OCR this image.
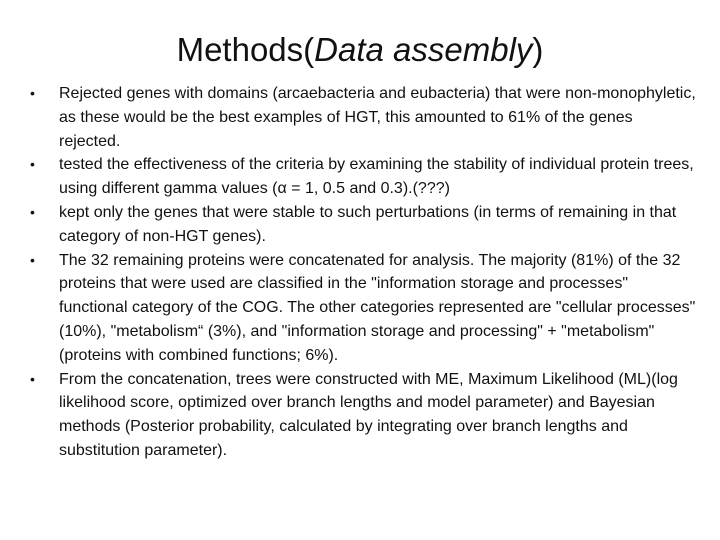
Methods(Data assembly)
• Rejected genes with domains (arcaebacteria and eubacteria) that were non-monophyletic, as these would be the best examples of HGT, this amounted to 61% of the genes rejected.
• tested the effectiveness of the criteria by examining the stability of individual protein trees, using different gamma values (α = 1, 0.5 and 0.3).(???)
• kept only the genes that were stable to such perturbations (in terms of remaining in that category of non-HGT genes).
• The 32 remaining proteins were concatenated for analysis. The majority (81%) of the 32 proteins that were used are classified in the "information storage and processes" functional category of the COG. The other categories represented are "cellular processes" (10%), "metabolism“ (3%), and "information storage and processing" + "metabolism" (proteins with combined functions; 6%).
• From the concatenation, trees were constructed with ME, Maximum Likelihood (ML)(log likelihood score, optimized over branch lengths and model parameter) and Bayesian methods (Posterior probability, calculated by integrating over branch lengths and substitution parameter).
